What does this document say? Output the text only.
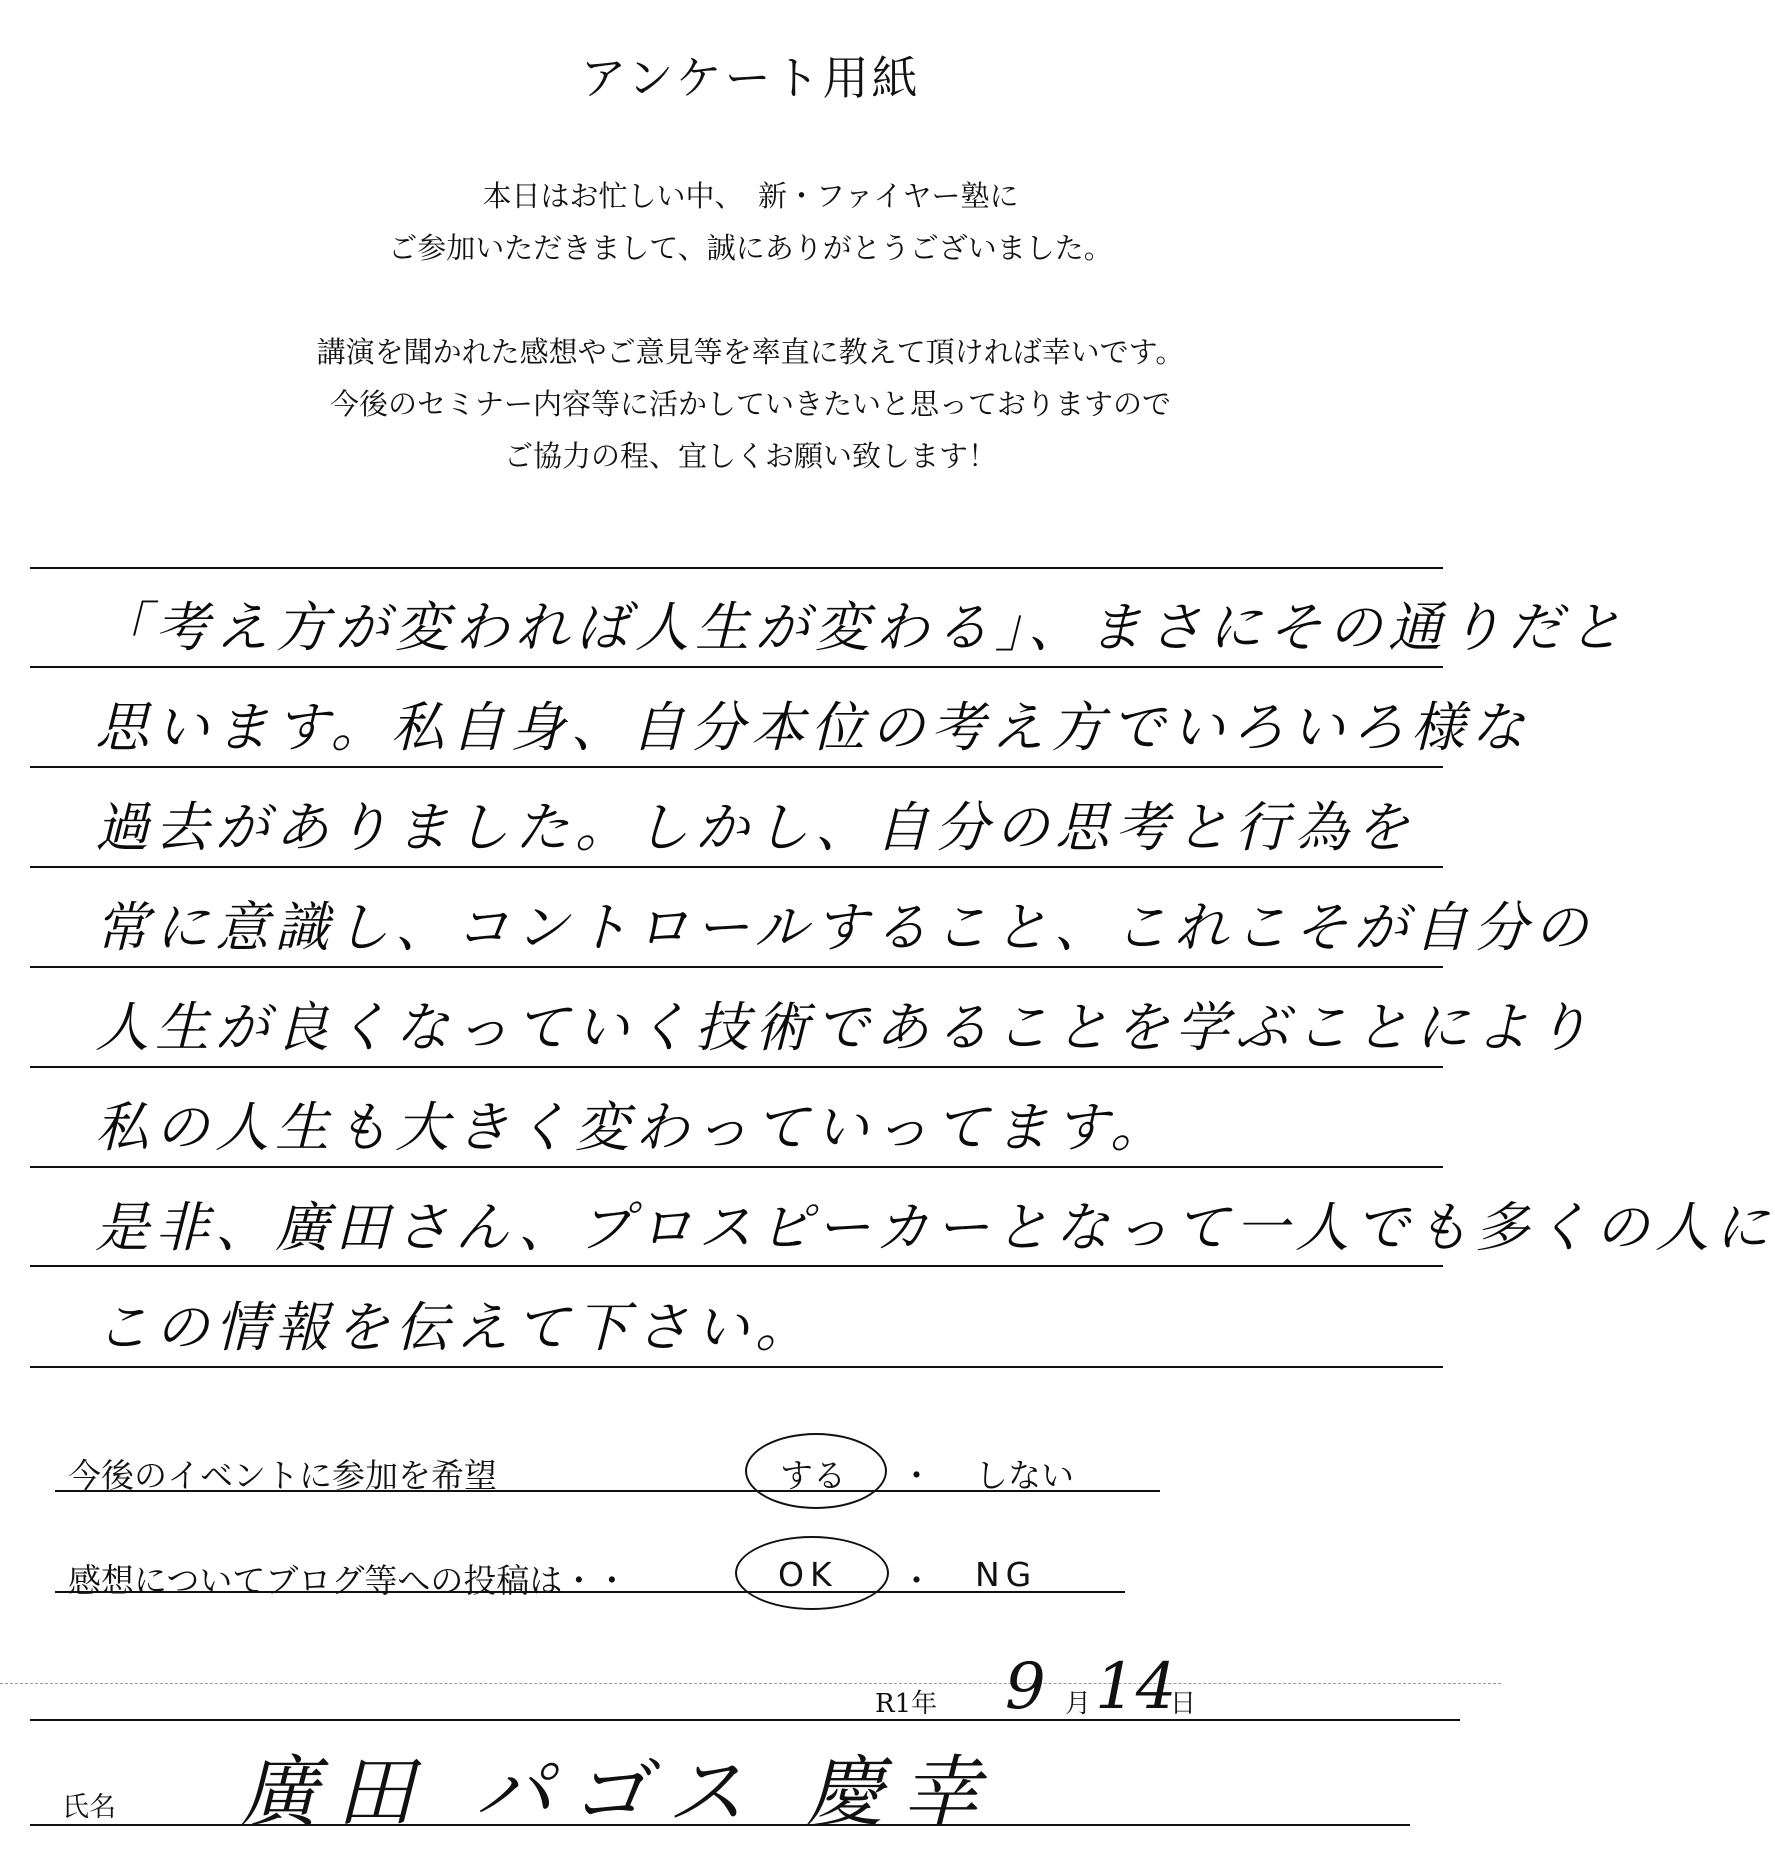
アンケート用紙
本日はお忙しい中、　新・ファイヤー塾に
ご参加いただきまして、誠にありがとうございました。
講演を聞かれた感想やご意見等を率直に教えて頂ければ幸いです。
今後のセミナー内容等に活かしていきたいと思っておりますので
ご協力の程、宜しくお願い致します！
「考え方が変われば人生が変わる」、まさにその通りだと
思います。私自身、自分本位の考え方でいろいろ様な
過去がありました。しかし、自分の思考と行為を
常に意識し、コントロールすること、これこそが自分の
人生が良くなっていく技術であることを学ぶことにより
私の人生も大きく変わっていってます。
是非、廣田さん、プロスピーカーとなって一人でも多くの人に
この情報を伝えて下さい。
今後のイベントに参加を希望	する ・ しない
感想についてブログ等への投稿は・・	OK ・ NG
R1年 9 月 14
日
氏名 廣田 パゴス 慶幸
